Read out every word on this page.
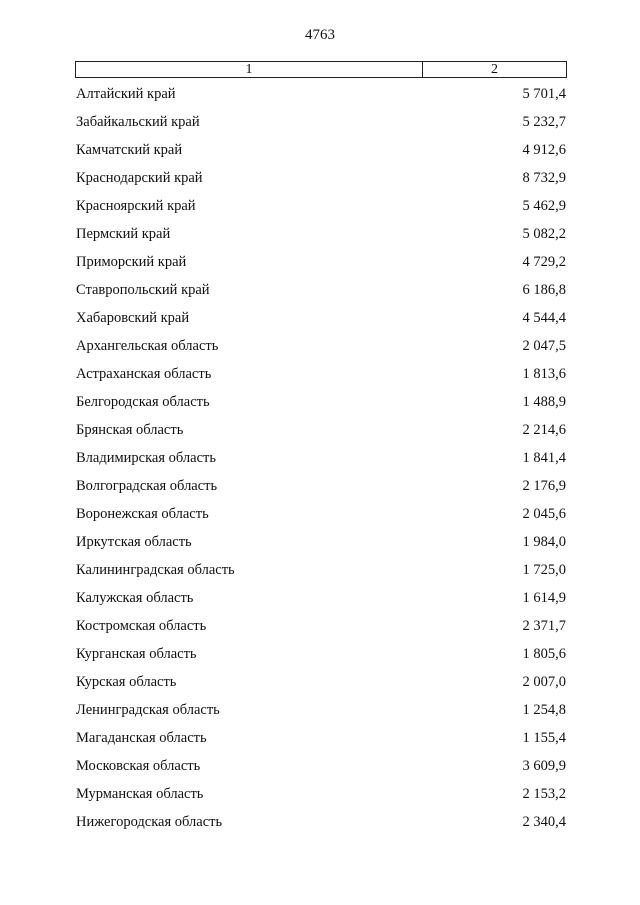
4763
1	2
Алтайский край	5 701,4
Забайкальский край	5 232,7
Камчатский край	4 912,6
Краснодарский край	8 732,9
Красноярский край	5 462,9
Пермский край	5 082,2
Приморский край	4 729,2
Ставропольский край	6 186,8
Хабаровский край	4 544,4
Архангельская область	2 047,5
Астраханская область	1 813,6
Белгородская область	1 488,9
Брянская область	2 214,6
Владимирская область	1 841,4
Волгоградская область	2 176,9
Воронежская область	2 045,6
Иркутская область	1 984,0
Калининградская область	1 725,0
Калужская область	1 614,9
Костромская область	2 371,7
Курганская область	1 805,6
Курская область	2 007,0
Ленинградская область	1 254,8
Магаданская область	1 155,4
Московская область	3 609,9
Мурманская область	2 153,2
Нижегородская область	2 340,4
